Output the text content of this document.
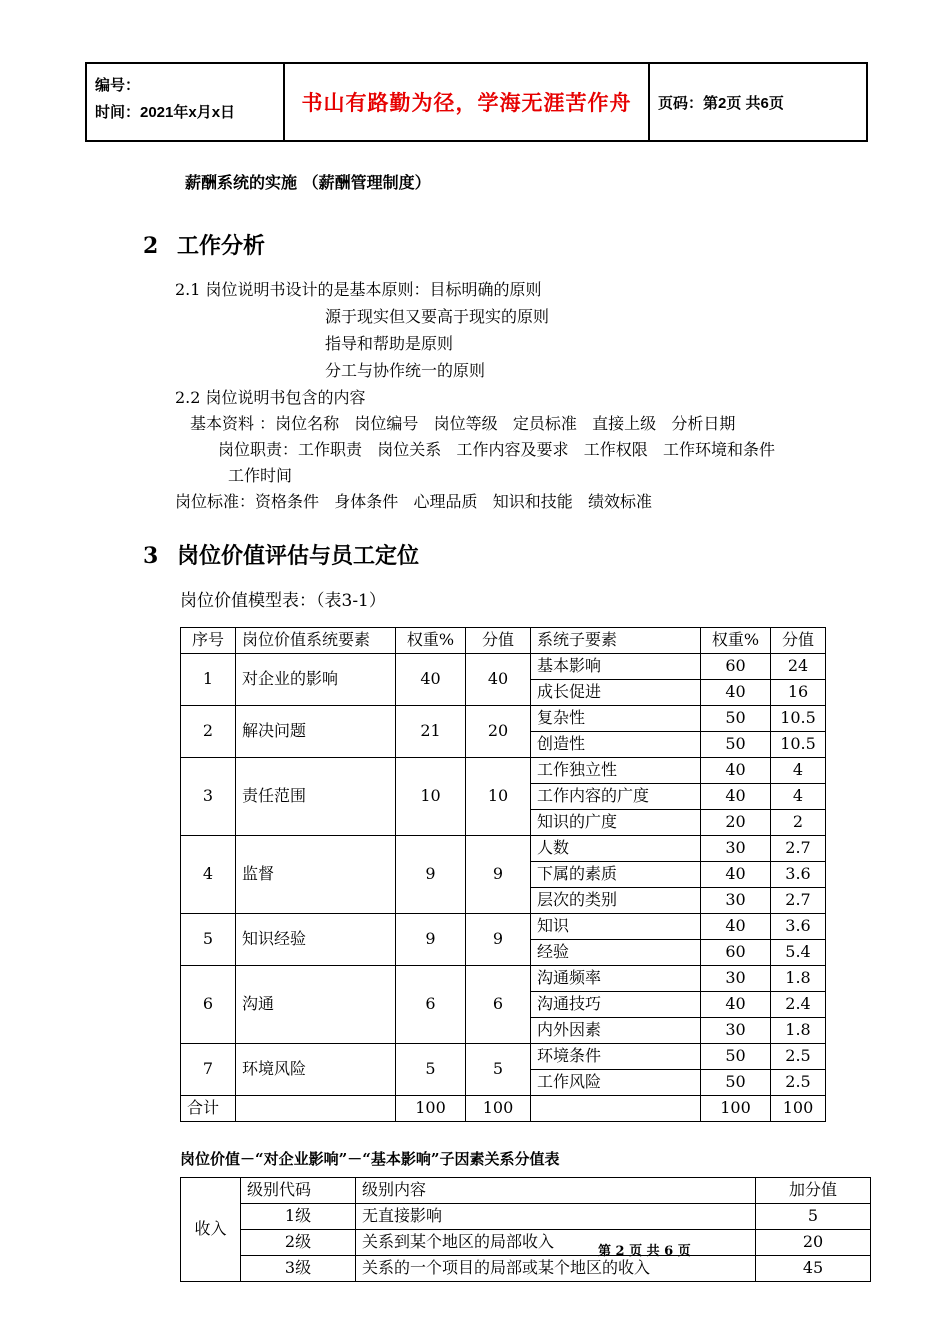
编号：
时间：2021年x月x日	书山有路勤为径，学海无涯苦作舟	页码：第2页 共6页
薪酬系统的实施 （薪酬管理制度）
2 工作分析
2.1 岗位说明书设计的是基本原则：目标明确的原则
源于现实但又要高于现实的原则
指导和帮助是原则
分工与协作统一的原则
2.2 岗位说明书包含的内容
基本资料 ：岗位名称   岗位编号   岗位等级   定员标准   直接上级   分析日期
岗位职责：工作职责   岗位关系   工作内容及要求   工作权限   工作环境和条件
工作时间
岗位标准：资格条件   身体条件   心理品质   知识和技能   绩效标准
3 岗位价值评估与员工定位
岗位价值模型表：（表3-1）
序号	岗位价值系统要素	权重%	分值	系统子要素	权重%	分值
1	对企业的影响	40	40	基本影响	60	24
				成长促进	40	16
2	解决问题	21	20	复杂性	50	10.5
				创造性	50	10.5
3	责任范围	10	10	工作独立性	40	4
				工作内容的广度	40	4
				知识的广度	20	2
4	监督	9	9	人数	30	2.7
				下属的素质	40	3.6
				层次的类别	30	2.7
5	知识经验	9	9	知识	40	3.6
				经验	60	5.4
6	沟通	6	6	沟通频率	30	1.8
				沟通技巧	40	2.4
				内外因素	30	1.8
7	环境风险	5	5	环境条件	50	2.5
				工作风险	50	2.5
合计		100	100		100	100
岗位价值－“对企业影响”－“基本影响”子因素关系分值表
收入	级别代码	级别内容	加分值
	1级	无直接影响	5
	2级	关系到某个地区的局部收入	20
	3级	关系的一个项目的局部或某个地区的收入	45
第 2 页 共 6 页
